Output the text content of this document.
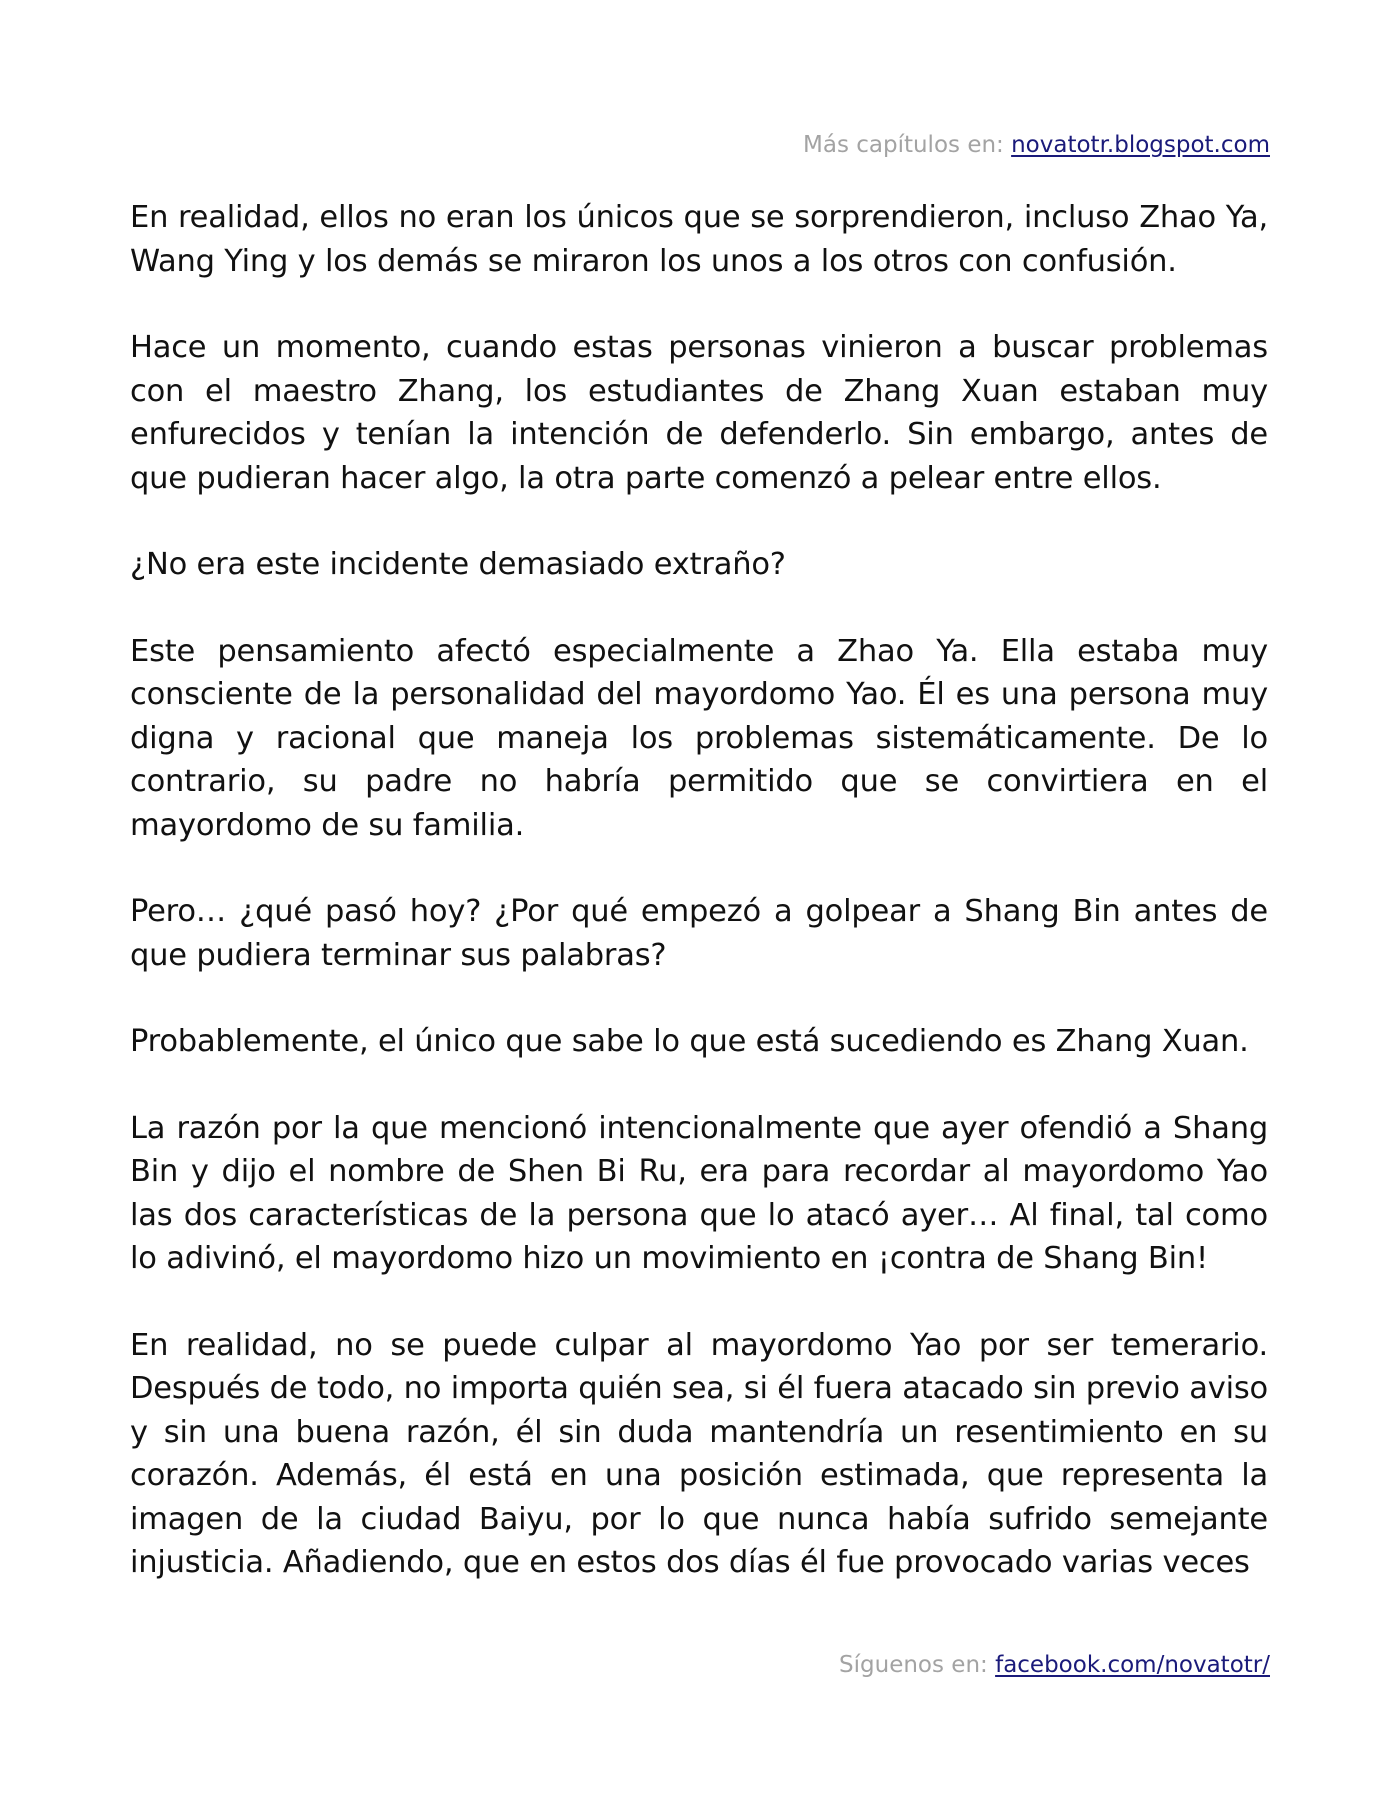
Más capítulos en: novatotr.blogspot.com

En realidad, ellos no eran los únicos que se sorprendieron, incluso Zhao Ya, Wang Ying y los demás se miraron los unos a los otros con confusión.

Hace un momento, cuando estas personas vinieron a buscar problemas con el maestro Zhang, los estudiantes de Zhang Xuan estaban muy enfurecidos y tenían la intención de defenderlo. Sin embargo, antes de que pudieran hacer algo, la otra parte comenzó a pelear entre ellos.

¿No era este incidente demasiado extraño?

Este pensamiento afectó especialmente a Zhao Ya. Ella estaba muy consciente de la personalidad del mayordomo Yao. Él es una persona muy digna y racional que maneja los problemas sistemáticamente. De lo contrario, su padre no habría permitido que se convirtiera en el mayordomo de su familia.

Pero… ¿qué pasó hoy? ¿Por qué empezó a golpear a Shang Bin antes de que pudiera terminar sus palabras?

Probablemente, el único que sabe lo que está sucediendo es Zhang Xuan.

La razón por la que mencionó intencionalmente que ayer ofendió a Shang Bin y dijo el nombre de Shen Bi Ru, era para recordar al mayordomo Yao las dos características de la persona que lo atacó ayer… Al final, tal como lo adivinó, el mayordomo hizo un movimiento en ¡contra de Shang Bin!

En realidad, no se puede culpar al mayordomo Yao por ser temerario. Después de todo, no importa quién sea, si él fuera atacado sin previo aviso y sin una buena razón, él sin duda mantendría un resentimiento en su corazón. Además, él está en una posición estimada, que representa la imagen de la ciudad Baiyu, por lo que nunca había sufrido semejante injusticia. Añadiendo, que en estos dos días él fue provocado varias veces

Síguenos en: facebook.com/novatotr/
